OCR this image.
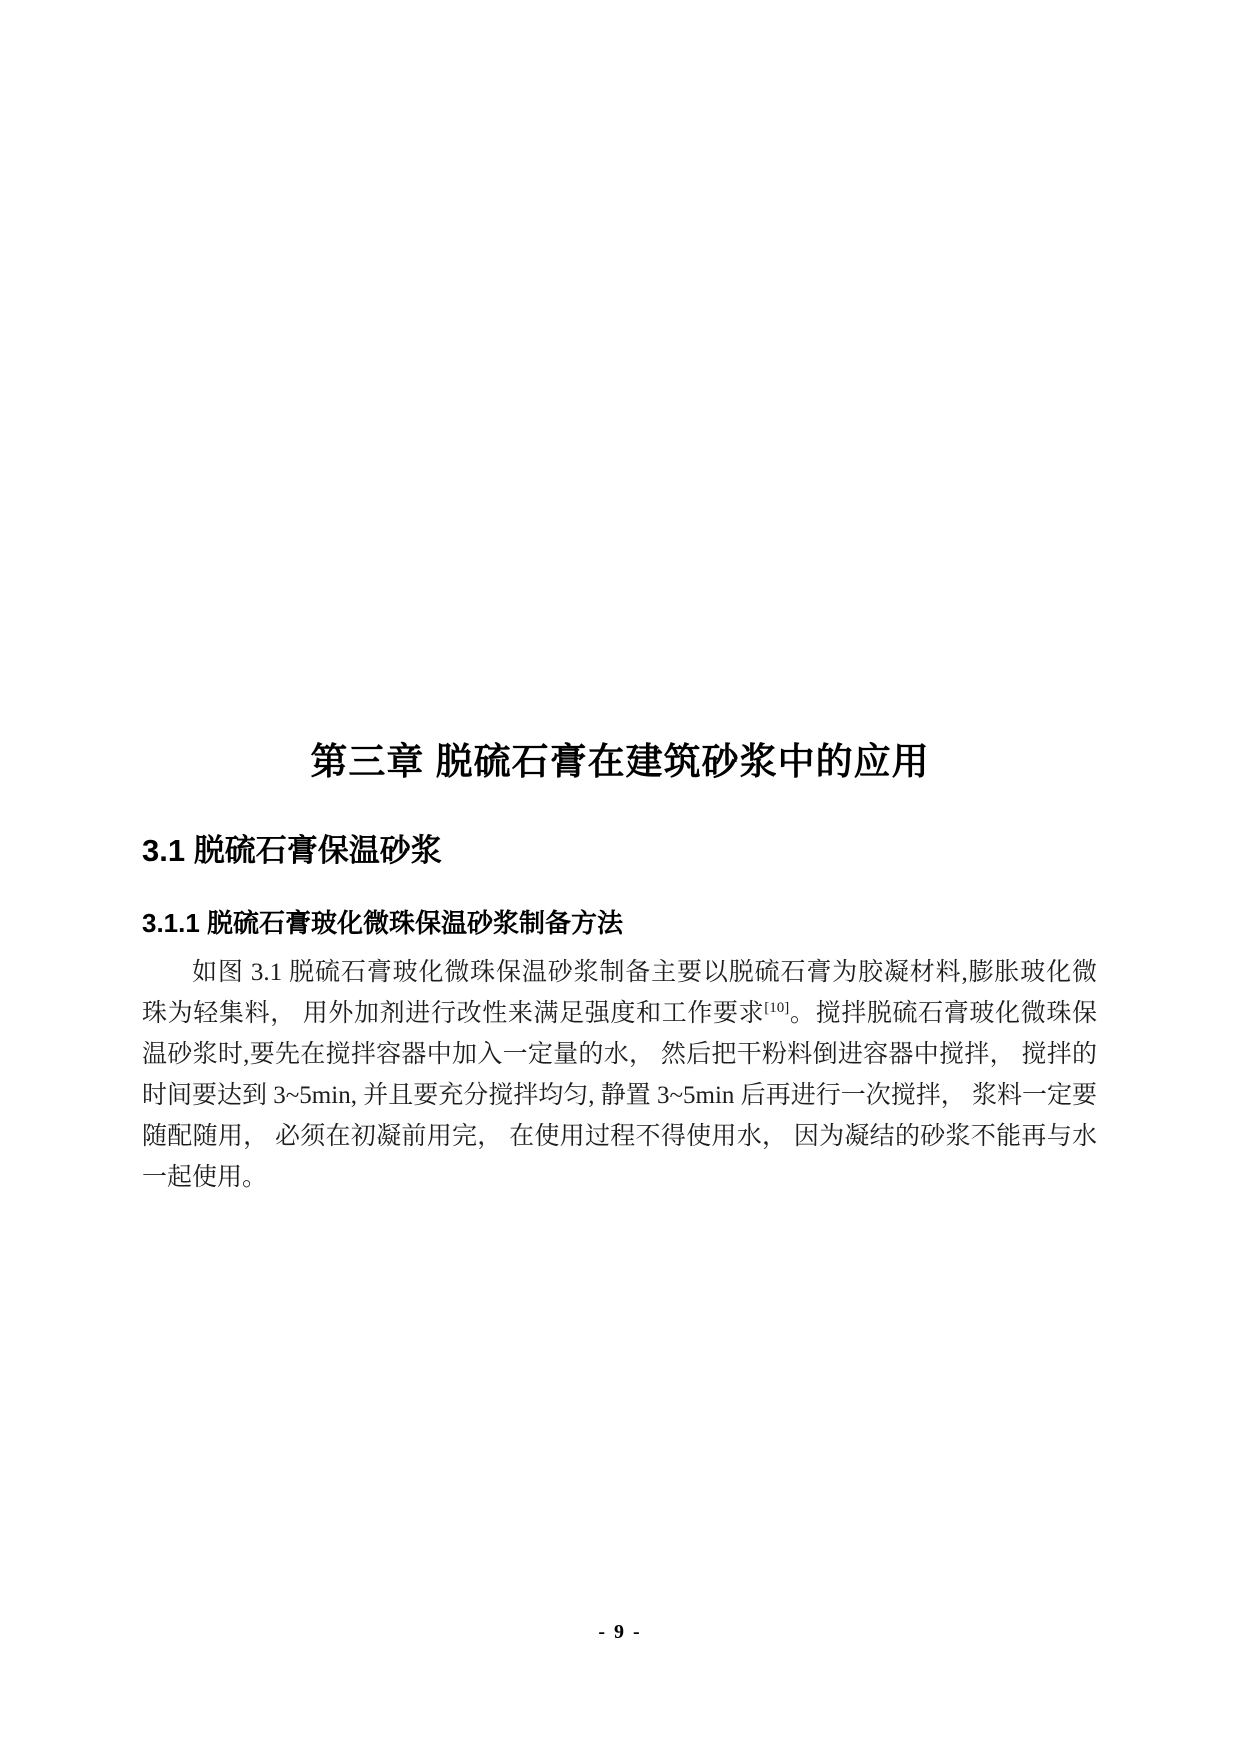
第三章 脱硫石膏在建筑砂浆中的应用
3.1 脱硫石膏保温砂浆
3.1.1 脱硫石膏玻化微珠保温砂浆制备方法
如图 3.1 脱硫石膏玻化微珠保温砂浆制备主要以脱硫石膏为胶凝材料,膨胀玻化微
珠为轻集料， 用外加剂进行改性来满足强度和工作要求[10]。搅拌脱硫石膏玻化微珠保
温砂浆时,要先在搅拌容器中加入一定量的水， 然后把干粉料倒进容器中搅拌， 搅拌的
时间要达到 3~5min, 并且要充分搅拌均匀, 静置 3~5min 后再进行一次搅拌， 浆料一定要
随配随用， 必须在初凝前用完， 在使用过程不得使用水， 因为凝结的砂浆不能再与水
一起使用。
- 9 -
